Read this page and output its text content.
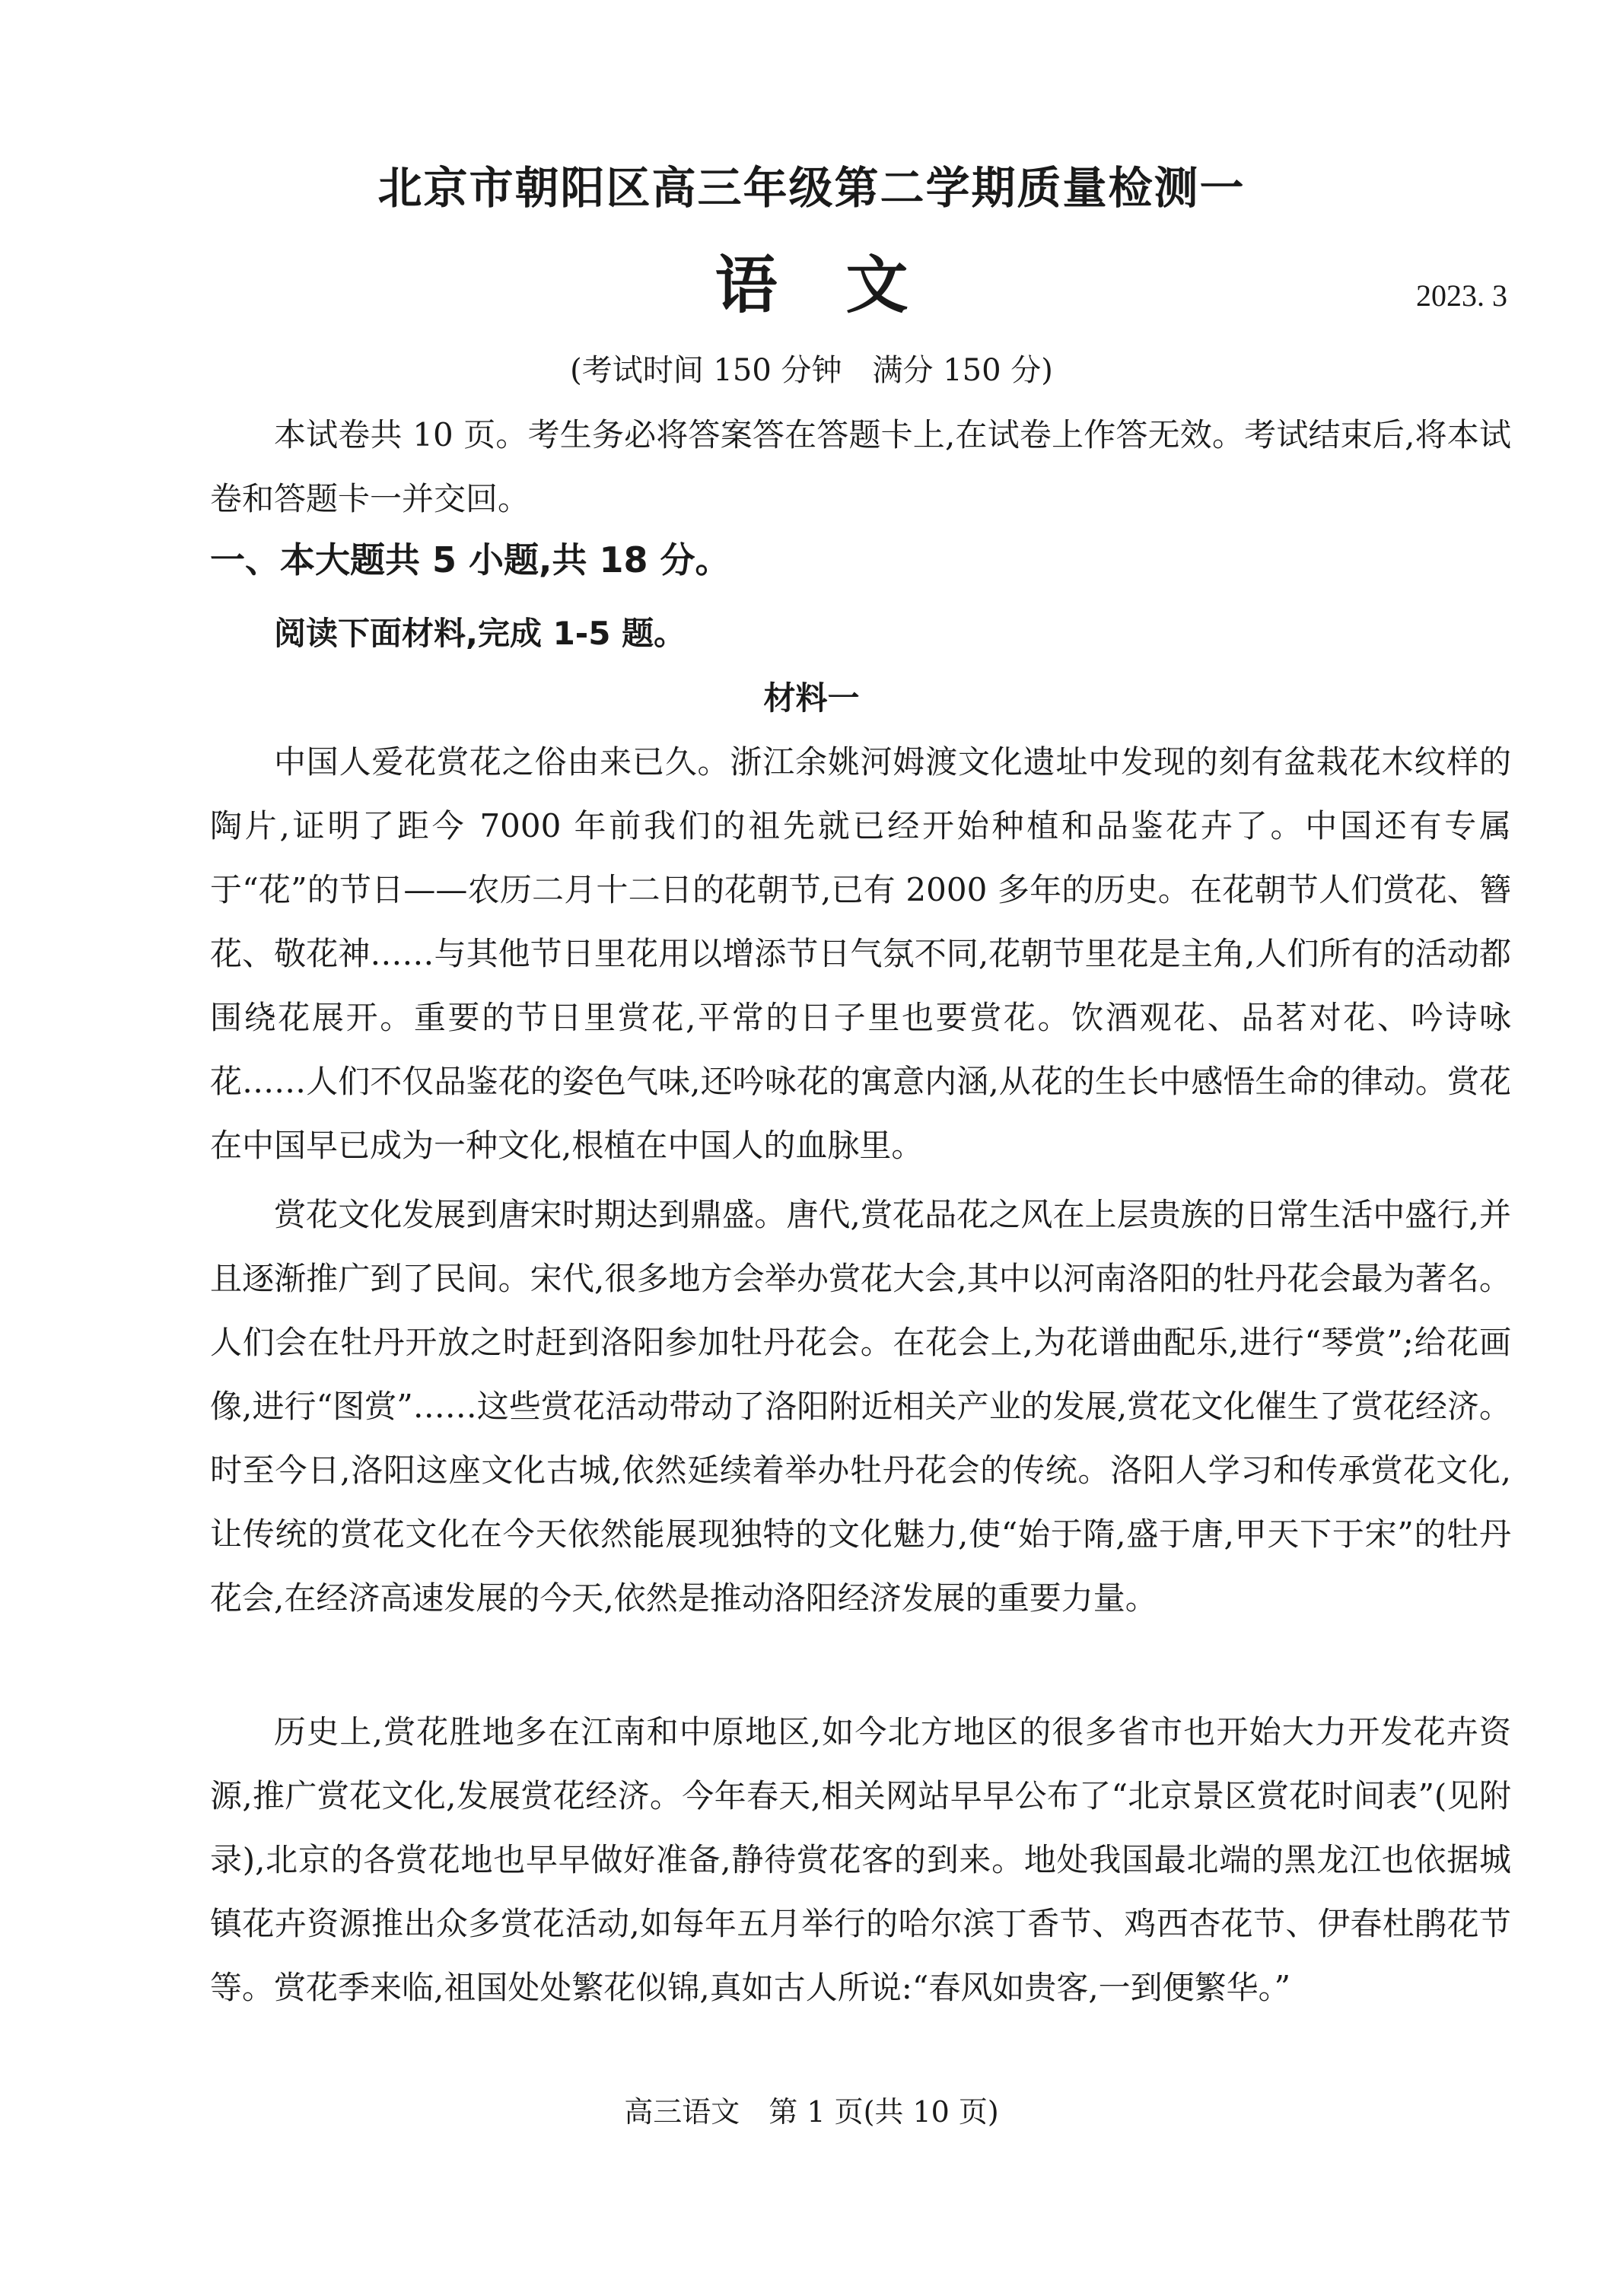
北京市朝阳区高三年级第二学期质量检测一
语文	2023. 3
(考试时间 150 分钟　满分 150 分)

本试卷共 10 页。考生务必将答案答在答题卡上,在试卷上作答无效。考试结束后,将本试卷和答题卡一并交回。

一、本大题共 5 小题,共 18 分。
阅读下面材料,完成 1-5 题。
材料一

中国人爱花赏花之俗由来已久。浙江余姚河姆渡文化遗址中发现的刻有盆栽花木纹样的陶片,证明了距今 7000 年前我们的祖先就已经开始种植和品鉴花卉了。中国还有专属于“花”的节日——农历二月十二日的花朝节,已有 2000 多年的历史。在花朝节人们赏花、簪花、敬花神……与其他节日里花用以增添节日气氛不同,花朝节里花是主角,人们所有的活动都围绕花展开。重要的节日里赏花,平常的日子里也要赏花。饮酒观花、品茗对花、吟诗咏花……人们不仅品鉴花的姿色气味,还吟咏花的寓意内涵,从花的生长中感悟生命的律动。赏花在中国早已成为一种文化,根植在中国人的血脉里。

赏花文化发展到唐宋时期达到鼎盛。唐代,赏花品花之风在上层贵族的日常生活中盛行,并且逐渐推广到了民间。宋代,很多地方会举办赏花大会,其中以河南洛阳的牡丹花会最为著名。人们会在牡丹开放之时赶到洛阳参加牡丹花会。在花会上,为花谱曲配乐,进行“琴赏”;给花画像,进行“图赏”……这些赏花活动带动了洛阳附近相关产业的发展,赏花文化催生了赏花经济。时至今日,洛阳这座文化古城,依然延续着举办牡丹花会的传统。洛阳人学习和传承赏花文化,让传统的赏花文化在今天依然能展现独特的文化魅力,使“始于隋,盛于唐,甲天下于宋”的牡丹花会,在经济高速发展的今天,依然是推动洛阳经济发展的重要力量。

历史上,赏花胜地多在江南和中原地区,如今北方地区的很多省市也开始大力开发花卉资源,推广赏花文化,发展赏花经济。今年春天,相关网站早早公布了“北京景区赏花时间表”(见附录),北京的各赏花地也早早做好准备,静待赏花客的到来。地处我国最北端的黑龙江也依据城镇花卉资源推出众多赏花活动,如每年五月举行的哈尔滨丁香节、鸡西杏花节、伊春杜鹃花节等。赏花季来临,祖国处处繁花似锦,真如古人所说:“春风如贵客,一到便繁华。”

高三语文　第 1 页(共 10 页)
